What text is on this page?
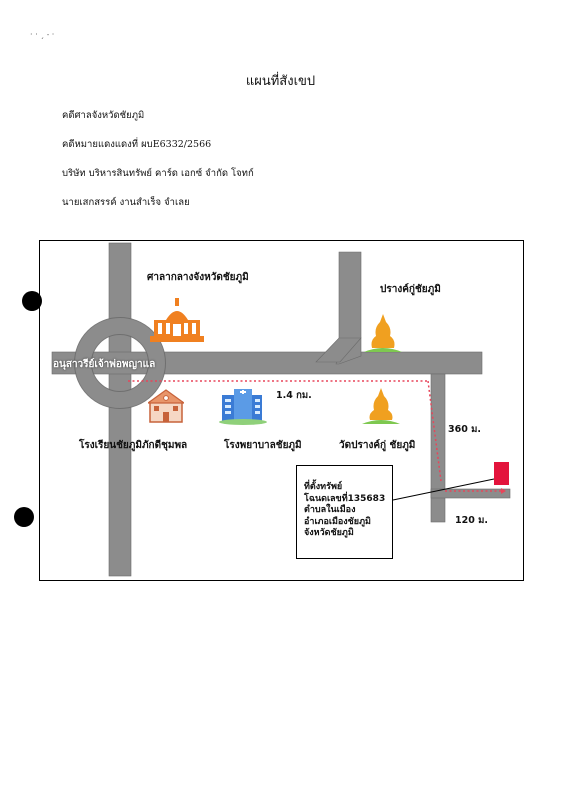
· · ˏ ˗ ·
แผนที่สังเขป
คดีศาลจังหวัดชัยภูมิ
คดีหมายแดงแดงที่ ผบE6332/2566
บริษัท บริหารสินทรัพย์ คาร์ด เอกซ์ จำกัด โจทก์
นายเสกสรรค์ งานสำเร็จ จำเลย
ศาลากลางจังหวัดชัยภูมิ
ปรางค์กู่ชัยภูมิ
วัดปรางค์กู่ ชัยภูมิ
โรงเรียนชัยภูมิภักดีชุมพล	โรงพยาบาลชัยภูมิ
อนุสาวรีย์เจ้าพ่อพญาแล
1.4 กม.
360 ม.
120 ม.
ที่ตั้งทรัพย์
โฉนดเลขที่135683
ตำบลในเมือง
อำเภอเมืองชัยภูมิ
จังหวัดชัยภูมิ
